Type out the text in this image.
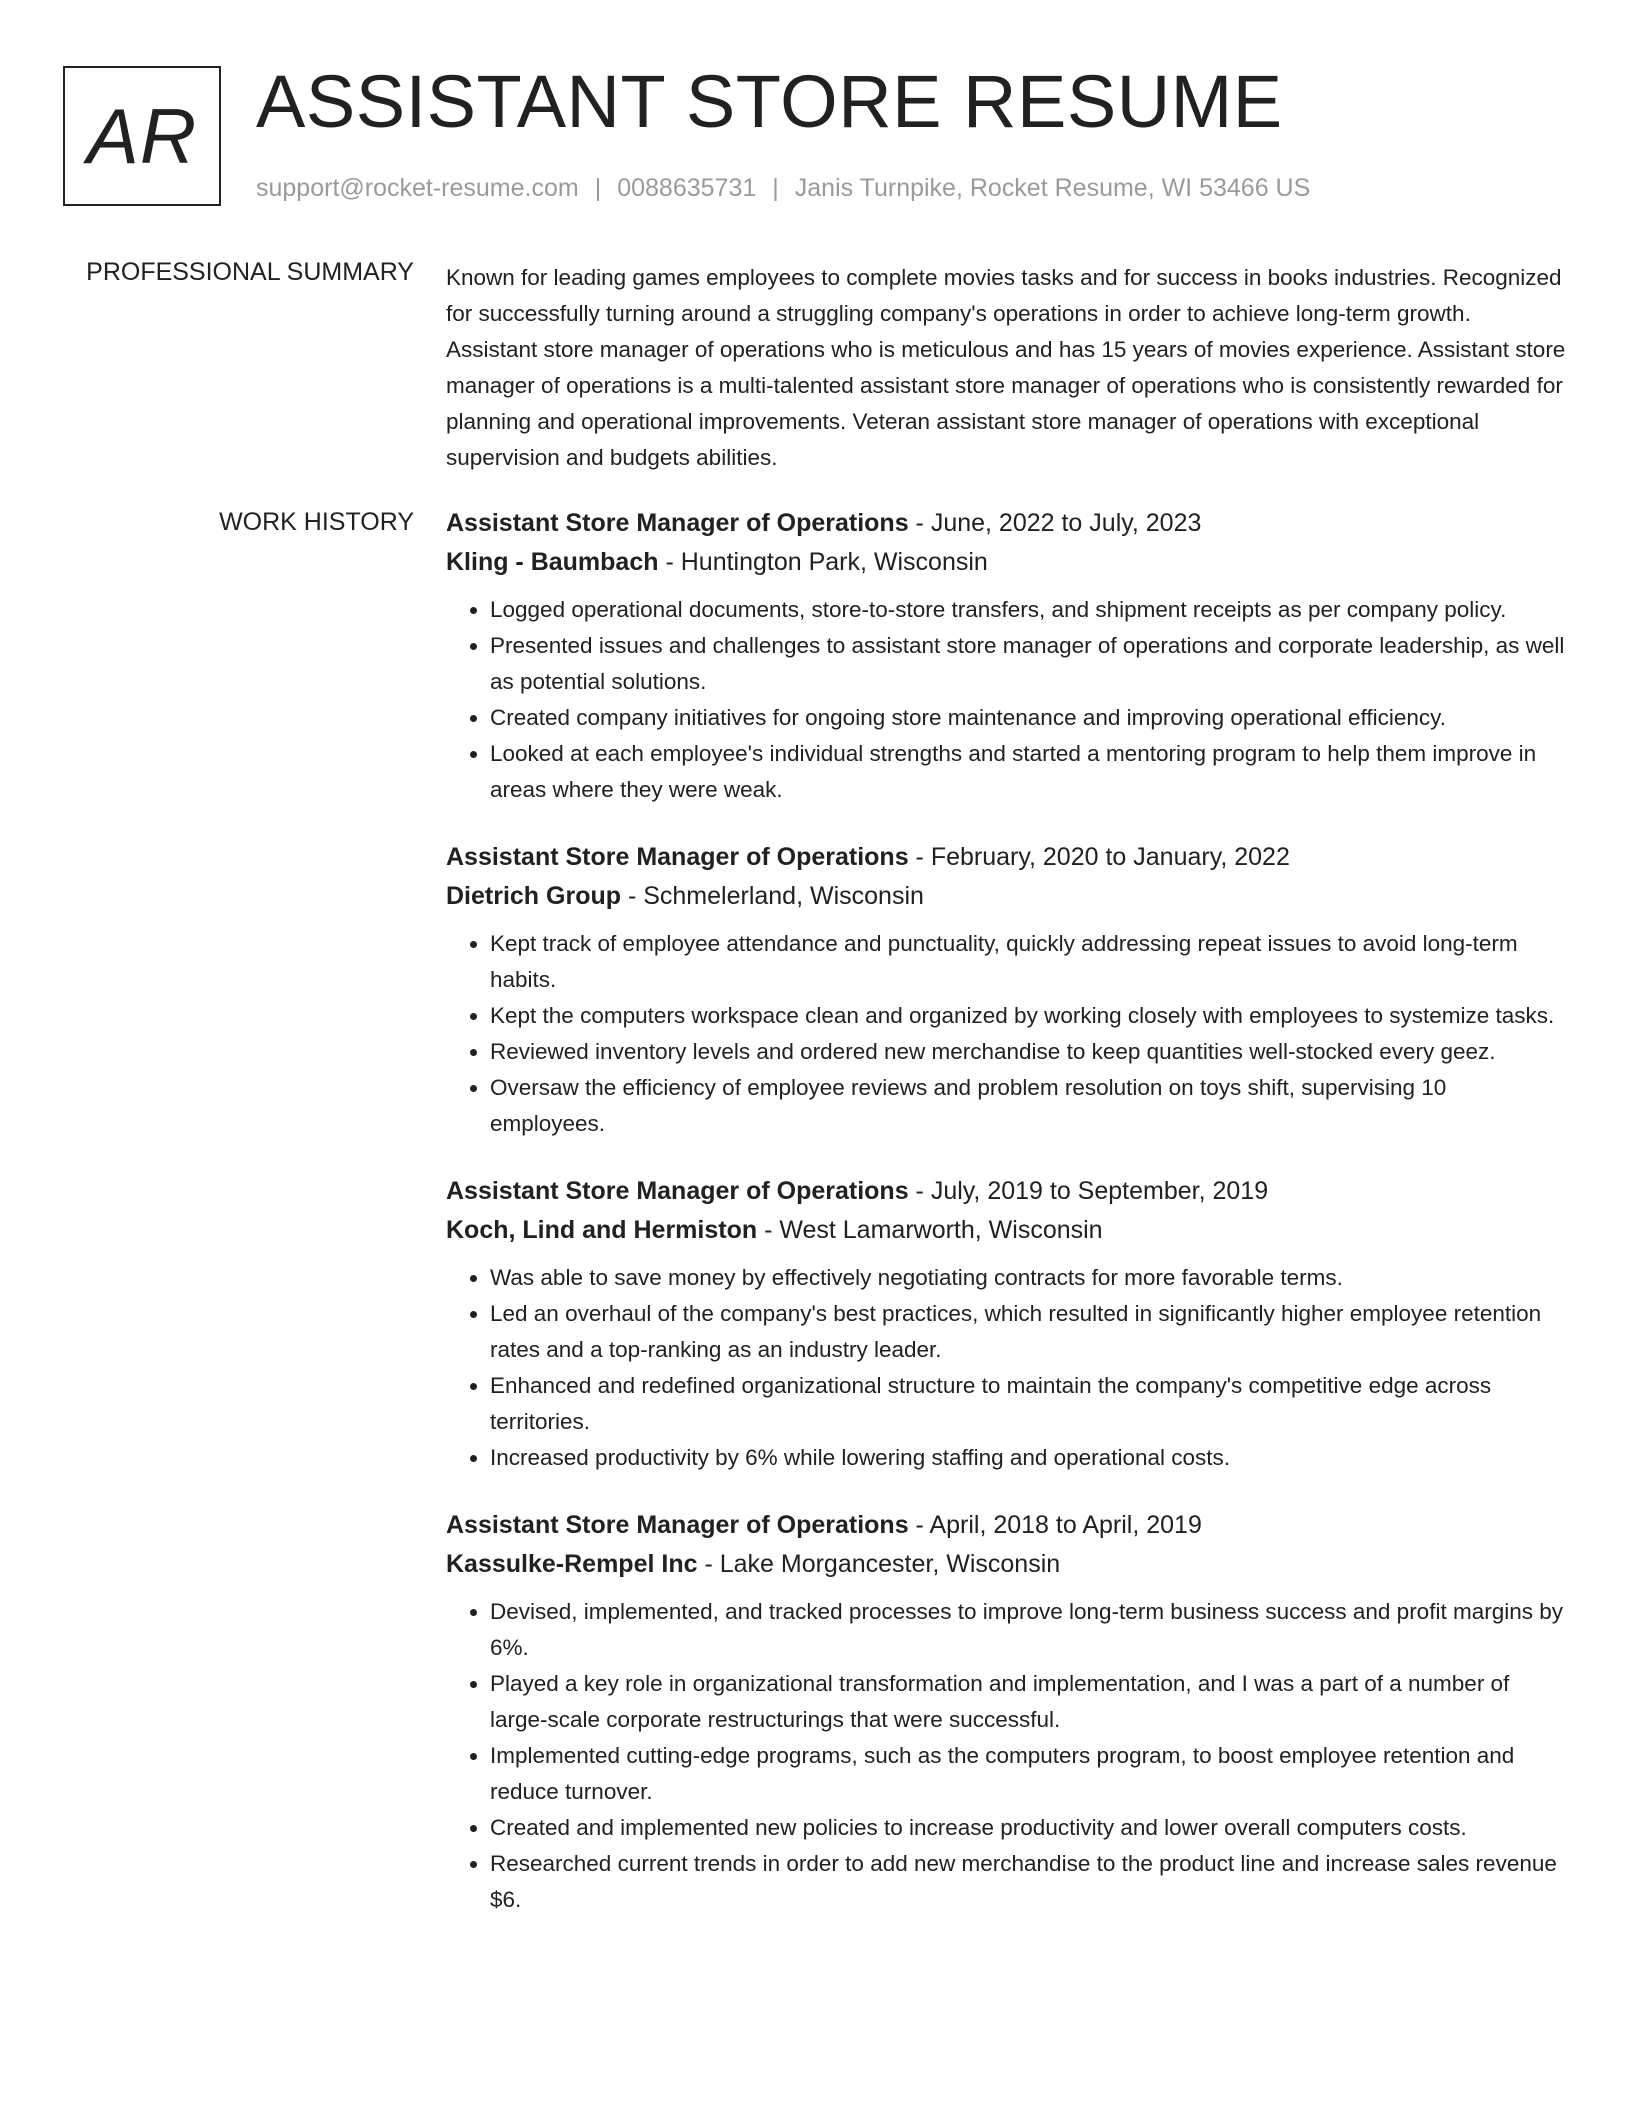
AR ASSISTANT STORE RESUME
support@rocket-resume.com | 0088635731 | Janis Turnpike, Rocket Resume, WI 53466 US
PROFESSIONAL SUMMARY Known for leading games employees to complete movies tasks and for success in books industries. Recognized for successfully turning around a struggling company's operations in order to achieve long-term growth. Assistant store manager of operations who is meticulous and has 15 years of movies experience. Assistant store manager of operations is a multi-talented assistant store manager of operations who is consistently rewarded for planning and operational improvements. Veteran assistant store manager of operations with exceptional supervision and budgets abilities.

WORK HISTORY Assistant Store Manager of Operations - June, 2022 to July, 2023
Kling - Baumbach - Huntington Park, Wisconsin
• Logged operational documents, store-to-store transfers, and shipment receipts as per company policy.
• Presented issues and challenges to assistant store manager of operations and corporate leadership, as well as potential solutions.
• Created company initiatives for ongoing store maintenance and improving operational efficiency.
• Looked at each employee's individual strengths and started a mentoring program to help them improve in areas where they were weak.
Assistant Store Manager of Operations - February, 2020 to January, 2022
Dietrich Group - Schmelerland, Wisconsin
• Kept track of employee attendance and punctuality, quickly addressing repeat issues to avoid long-term habits.
• Kept the computers workspace clean and organized by working closely with employees to systemize tasks.
• Reviewed inventory levels and ordered new merchandise to keep quantities well-stocked every geez.
• Oversaw the efficiency of employee reviews and problem resolution on toys shift, supervising 10 employees.
Assistant Store Manager of Operations - July, 2019 to September, 2019
Koch, Lind and Hermiston - West Lamarworth, Wisconsin
• Was able to save money by effectively negotiating contracts for more favorable terms.
• Led an overhaul of the company's best practices, which resulted in significantly higher employee retention rates and a top-ranking as an industry leader.
• Enhanced and redefined organizational structure to maintain the company's competitive edge across territories.
• Increased productivity by 6% while lowering staffing and operational costs.
Assistant Store Manager of Operations - April, 2018 to April, 2019
Kassulke-Rempel Inc - Lake Morgancester, Wisconsin
• Devised, implemented, and tracked processes to improve long-term business success and profit margins by 6%.
• Played a key role in organizational transformation and implementation, and I was a part of a number of large-scale corporate restructurings that were successful.
• Implemented cutting-edge programs, such as the computers program, to boost employee retention and reduce turnover.
• Created and implemented new policies to increase productivity and lower overall computers costs.
• Researched current trends in order to add new merchandise to the product line and increase sales revenue $6.
